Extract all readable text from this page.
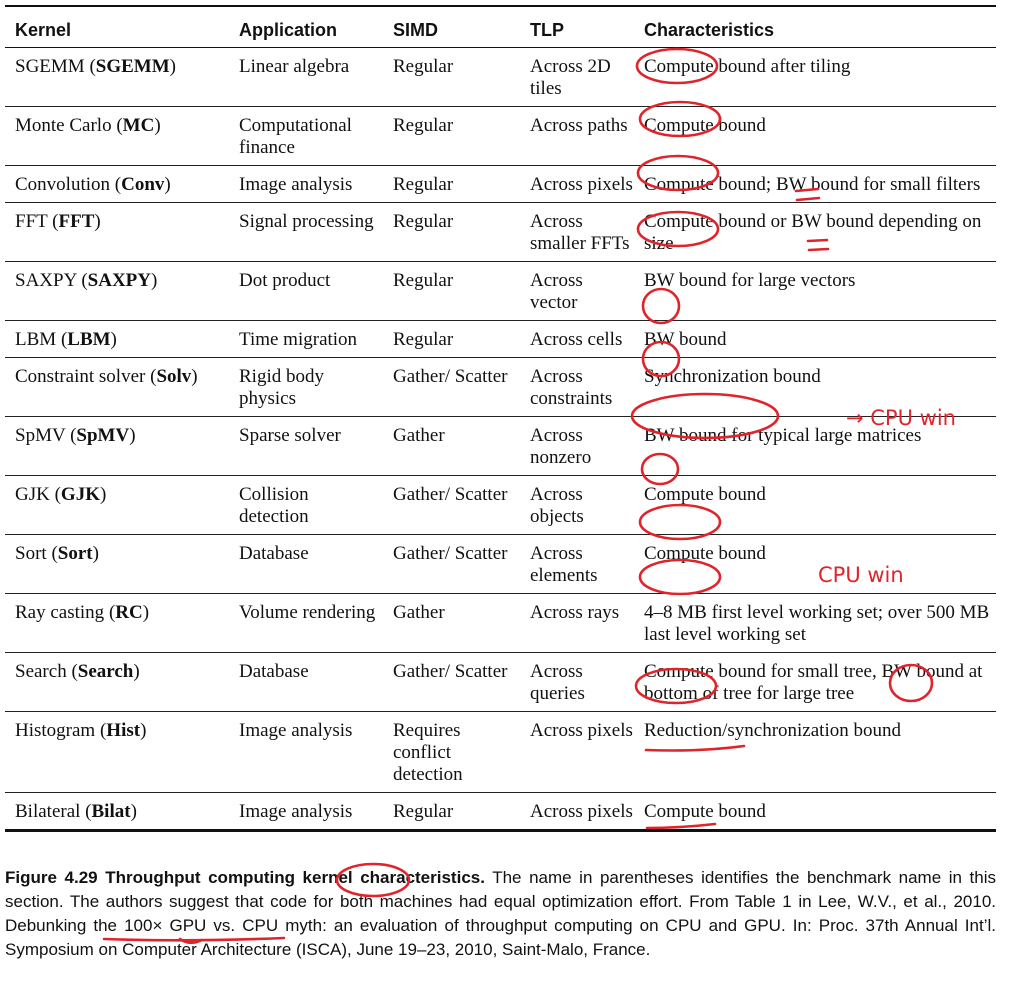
Kernel	Application	SIMD	TLP	Characteristics
SGEMM (SGEMM)	Linear algebra	Regular	Across 2D tiles	Compute bound after tiling
Monte Carlo (MC)	Computational finance	Regular	Across paths	Compute bound
Convolution (Conv)	Image analysis	Regular	Across pixels	Compute bound; BW bound for small filters
FFT (FFT)	Signal processing	Regular	Across smaller FFTs	Compute bound or BW bound depending on size
SAXPY (SAXPY)	Dot product	Regular	Across vector	BW bound for large vectors
LBM (LBM)	Time migration	Regular	Across cells	BW bound
Constraint solver (Solv)	Rigid body physics	Gather/ Scatter	Across constraints	Synchronization bound
SpMV (SpMV)	Sparse solver	Gather	Across nonzero	BW bound for typical large matrices
GJK (GJK)	Collision detection	Gather/ Scatter	Across objects	Compute bound
Sort (Sort)	Database	Gather/ Scatter	Across elements	Compute bound
Ray casting (RC)	Volume rendering	Gather	Across rays	4–8 MB first level working set; over 500 MB last level working set
Search (Search)	Database	Gather/ Scatter	Across queries	Compute bound for small tree, BW bound at bottom of tree for large tree
Histogram (Hist)	Image analysis	Requires conflict detection	Across pixels	Reduction/synchronization bound
Bilateral (Bilat)	Image analysis	Regular	Across pixels	Compute bound
Figure 4.29 Throughput computing kernel characteristics. The name in parentheses identifies the benchmark name in this section. The authors suggest that code for both machines had equal optimization effort. From Table 1 in Lee, W.V., et al., 2010. Debunking the 100× GPU vs. CPU myth: an evaluation of throughput computing on CPU and GPU. In: Proc. 37th Annual Int’l. Symposium on Computer Architecture (ISCA), June 19–23, 2010, Saint-Malo, France.
→ CPU win
CPU win
